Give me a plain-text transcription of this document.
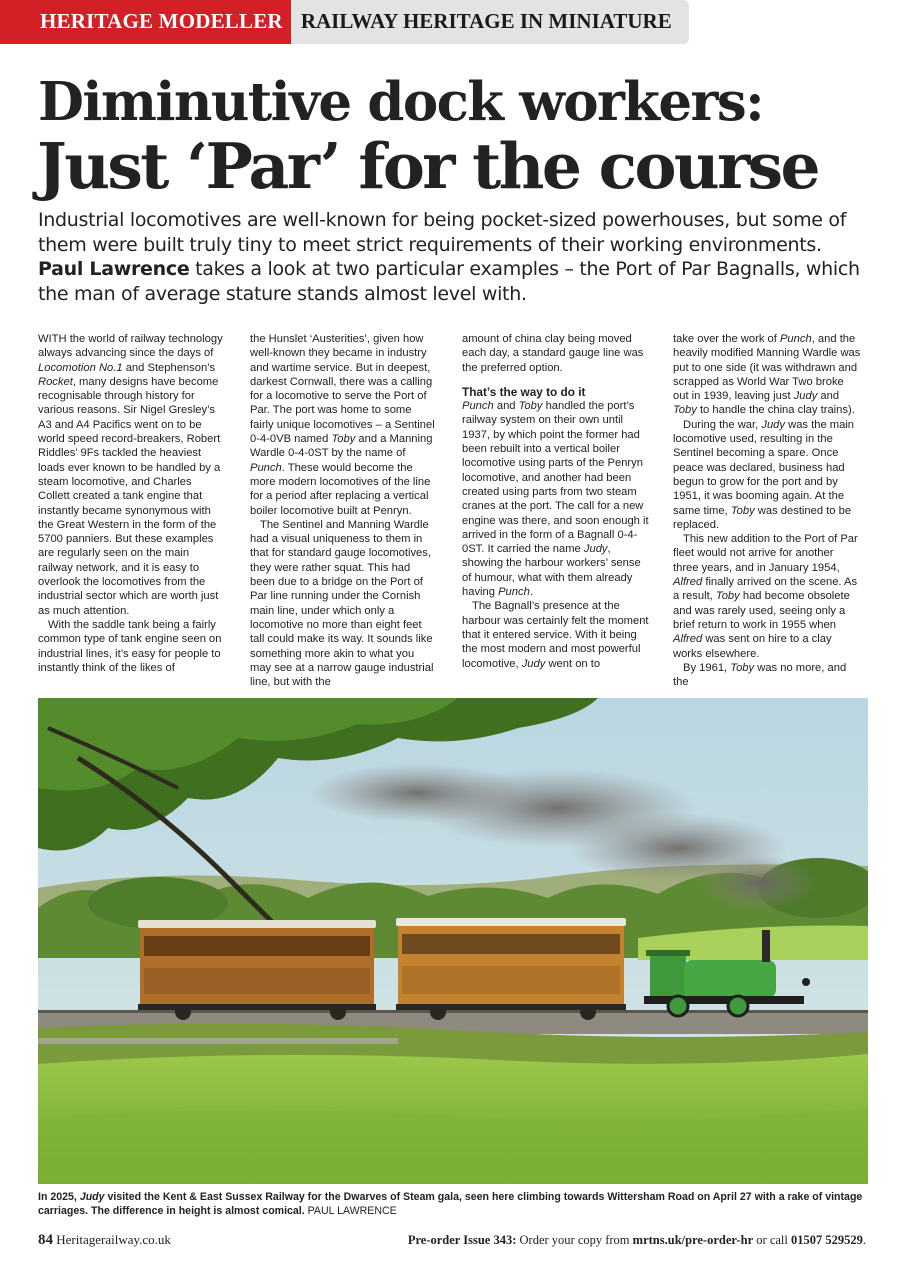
HERITAGE MODELLER RAILWAY HERITAGE IN MINIATURE
Diminutive dock workers:
Just ‘Par’ for the course

Industrial locomotives are well-known for being pocket-sized powerhouses, but some of them were built truly tiny to meet strict requirements of their working environments. Paul Lawrence takes a look at two particular examples – the Port of Par Bagnalls, which the man of average stature stands almost level with.

WITH the world of railway technology always advancing since the days of Locomotion No.1 and Stephenson’s Rocket, many designs have become recognisable through history for various reasons. Sir Nigel Gresley’s A3 and A4 Pacifics went on to be world speed record-breakers, Robert Riddles’ 9Fs tackled the heaviest loads ever known to be handled by a steam locomotive, and Charles Collett created a tank engine that instantly became synonymous with the Great Western in the form of the 5700 panniers. But these examples are regularly seen on the main railway network, and it is easy to overlook the locomotives from the industrial sector which are worth just as much attention.

With the saddle tank being a fairly common type of tank engine seen on industrial lines, it’s easy for people to instantly think of the likes of

the Hunslet ‘Austerities’, given how well-known they became in industry and wartime service. But in deepest, darkest Cornwall, there was a calling for a locomotive to serve the Port of Par. The port was home to some fairly unique locomotives – a Sentinel 0-4-0VB named Toby and a Manning Wardle 0-4-0ST by the name of Punch. These would become the more modern locomotives of the line for a period after replacing a vertical boiler locomotive built at Penryn.

The Sentinel and Manning Wardle had a visual uniqueness to them in that for standard gauge locomotives, they were rather squat. This had been due to a bridge on the Port of Par line running under the Cornish main line, under which only a locomotive no more than eight feet tall could make its way. It sounds like something more akin to what you may see at a narrow gauge industrial line, but with the

amount of china clay being moved each day, a standard gauge line was the preferred option.

That’s the way to do it

Punch and Toby handled the port’s railway system on their own until 1937, by which point the former had been rebuilt into a vertical boiler locomotive using parts of the Penryn locomotive, and another had been created using parts from two steam cranes at the port. The call for a new engine was there, and soon enough it arrived in the form of a Bagnall 0-4-0ST. It carried the name Judy, showing the harbour workers’ sense of humour, what with them already having Punch.

The Bagnall’s presence at the harbour was certainly felt the moment that it entered service. With it being the most modern and most powerful locomotive, Judy went on to

take over the work of Punch, and the heavily modified Manning Wardle was put to one side (it was withdrawn and scrapped as World War Two broke out in 1939, leaving just Judy and Toby to handle the china clay trains).

During the war, Judy was the main locomotive used, resulting in the Sentinel becoming a spare. Once peace was declared, business had begun to grow for the port and by 1951, it was booming again. At the same time, Toby was destined to be replaced.

This new addition to the Port of Par fleet would not arrive for another three years, and in January 1954, Alfred finally arrived on the scene. As a result, Toby had become obsolete and was rarely used, seeing only a brief return to work in 1955 when Alfred was sent on hire to a clay works elsewhere.

By 1961, Toby was no more, and the

In 2025, Judy visited the Kent & East Sussex Railway for the Dwarves of Steam gala, seen here climbing towards Wittersham Road on April 27 with a rake of vintage carriages. The difference in height is almost comical. PAUL LAWRENCE

84 Heritagerailway.co.uk	Pre-order Issue 343: Order your copy from mrtns.uk/pre-order-hr or call 01507 529529.
